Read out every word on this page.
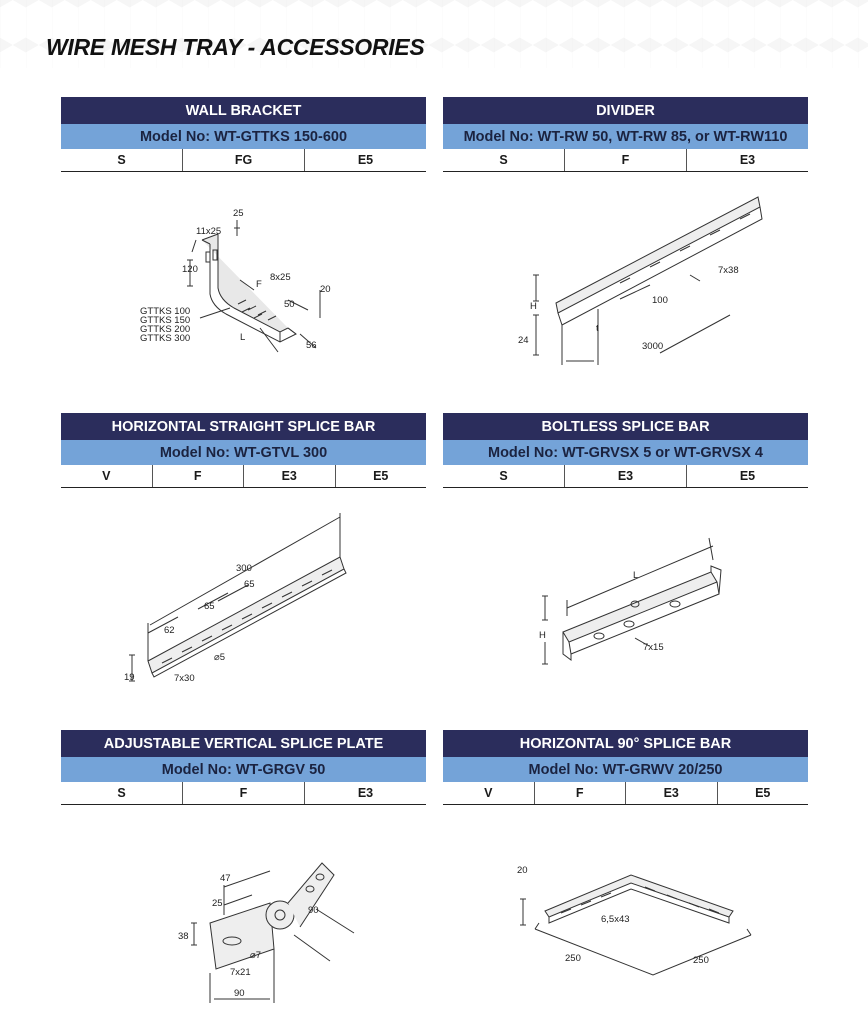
WIRE MESH TRAY - ACCESSORIES
WALL BRACKET
Model No: WT-GTTKS 150-600
S	FG	E5
25
11x25
120
F
8x25
50
20
GTTKS 100
GTTKS 150
GTTKS 200
GTTKS 300	L
56
DIVIDER
Model No: WT-RW 50, WT-RW 85, or WT-RW110
S	F	E3
7x38
H
100
24
t
3000
HORIZONTAL STRAIGHT SPLICE BAR
Model No: WT-GTVL 300
V	F	E3	E5
300
65
65
62
⌀5
19	7x30
BOLTLESS SPLICE BAR
Model No: WT-GRVSX 5 or WT-GRVSX 4
S	E3	E5
L
H
7x15
ADJUSTABLE VERTICAL SPLICE PLATE
Model No: WT-GRGV 50
S	F	E3
47
25
90
38
⌀7
7x21
90
HORIZONTAL 90° SPLICE BAR
Model No: WT-GRWV 20/250
V	F	E3	E5
20
6,5x43
250	250
